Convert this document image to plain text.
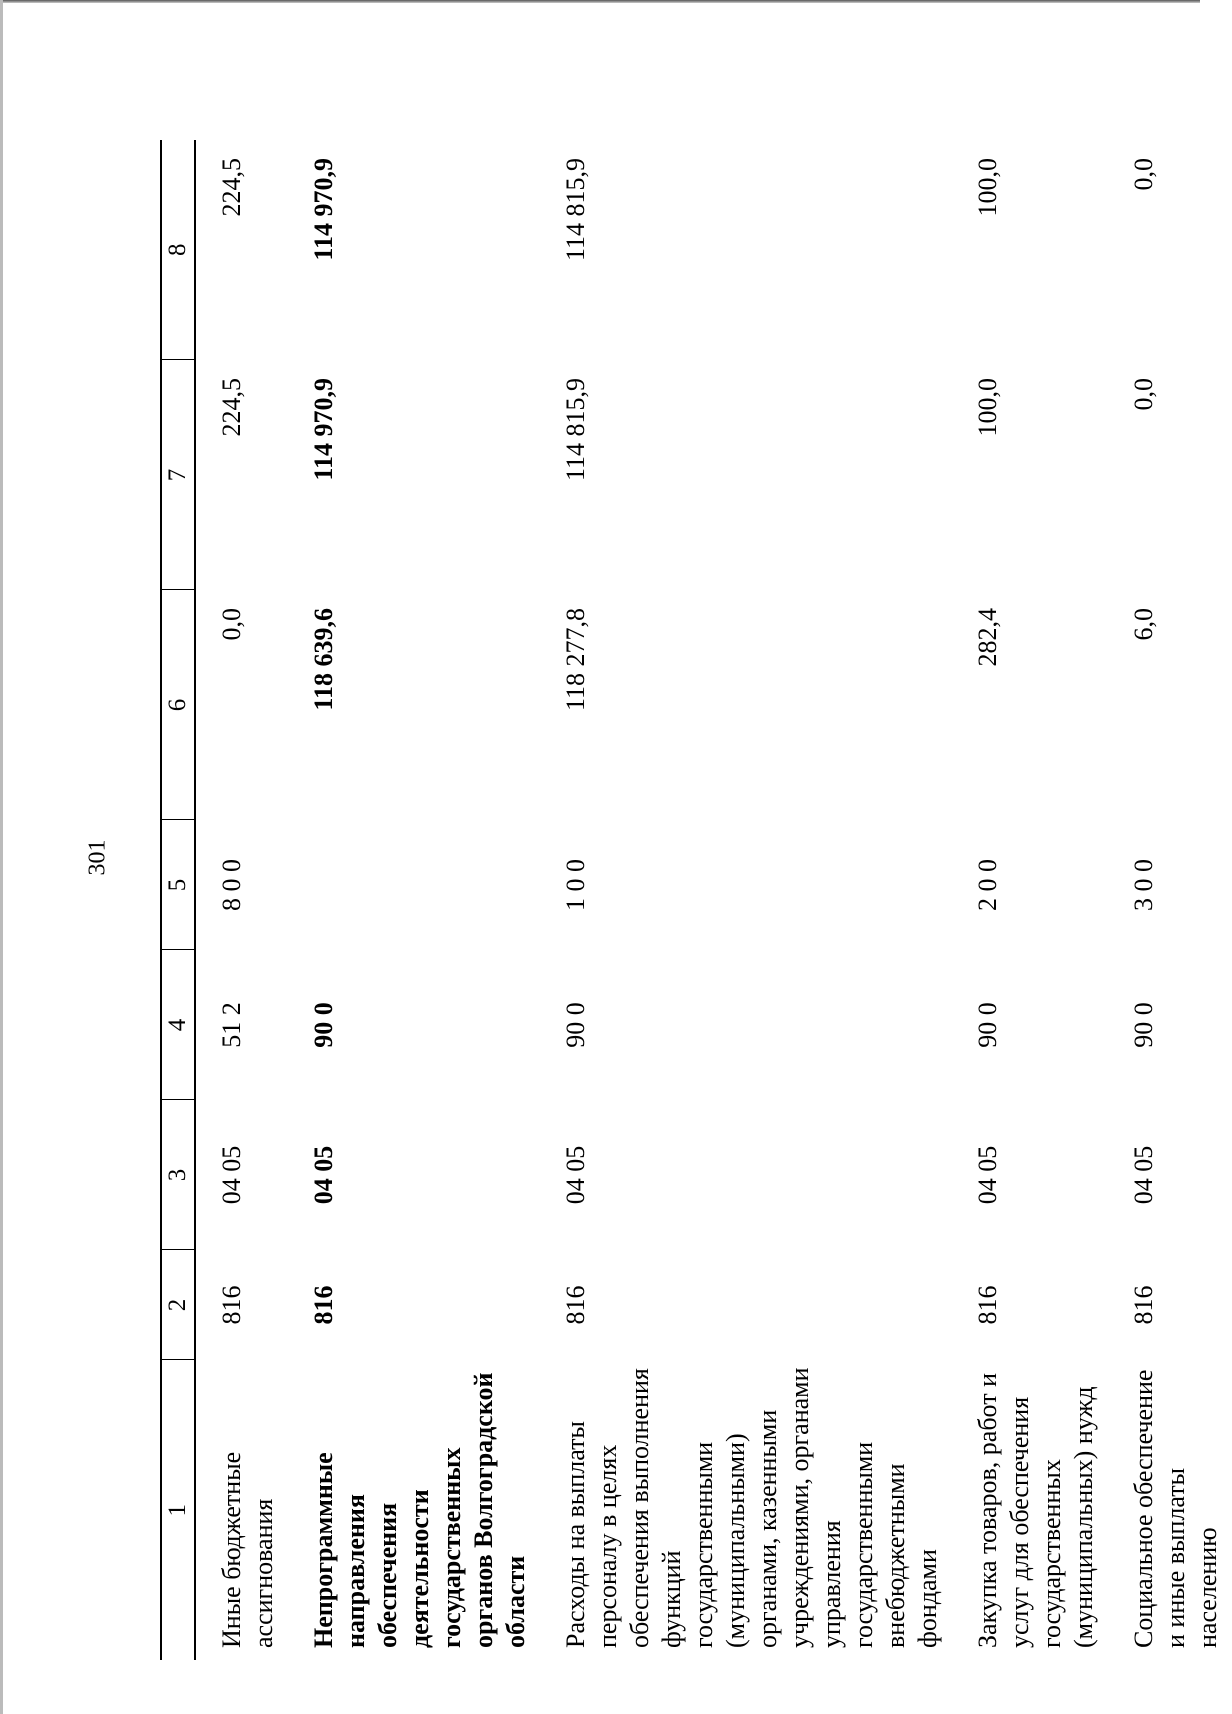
301
1	2	3	4	5	6	7	8
Иные бюджетные ассигнования	816	04 05	51 2	8 0 0	0,0	224,5	224,5
Непрограммные направления обеспечения деятельности государственных органов Волгоградской области	816	04 05	90 0		118 639,6	114 970,9	114 970,9
Расходы на выплаты персоналу в целях обеспечения выполнения функций государственными (муниципальными) органами, казенными учреждениями, органами управления государственными внебюджетными фондами	816	04 05	90 0	1 0 0	118 277,8	114 815,9	114 815,9
Закупка товаров, работ и услуг для обеспечения государственных (муниципальных) нужд	816	04 05	90 0	2 0 0	282,4	100,0	100,0
Социальное обеспечение и иные выплаты населению	816	04 05	90 0	3 0 0	6,0	0,0	0,0
